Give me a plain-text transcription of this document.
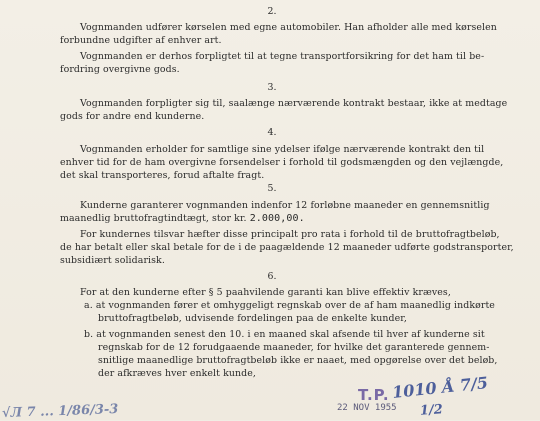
2.
Vognmanden udfører kørselen med egne automobiler. Han afholder alle med kørselen
forbundne udgifter af enhver art.
Vognmanden er derhos forpligtet til at tegne transportforsikring for det ham til be-
fordring overgivne gods.
3.
Vognmanden forpligter sig til, saalænge nærværende kontrakt bestaar, ikke at medtage
gods for andre end kunderne.
4.
Vognmanden erholder for samtlige sine ydelser ifølge nærværende kontrakt den til
enhver tid for de ham overgivne forsendelser i forhold til godsmængden og den vejlængde,
det skal transporteres, forud aftalte fragt.
5.
Kunderne garanterer vognmanden indenfor 12 forløbne maaneder en gennemsnitlig
maanedlig bruttofragtindtægt, stor kr. 2.000,00.
For kundernes tilsvar hæfter disse principalt pro rata i forhold til de bruttofragtbeløb,
de har betalt eller skal betale for de i de paagældende 12 maaneder udførte godstransporter,
subsidiært solidarisk.
6.
For at den kunderne efter § 5 paahvilende garanti kan blive effektiv kræves,
a. at vognmanden fører et omhyggeligt regnskab over de af ham maanedlig indkørte
bruttofragtbeløb, udvisende fordelingen paa de enkelte kunder,
b. at vognmanden senest den 10. i en maaned skal afsende til hver af kunderne sit
regnskab for de 12 forudgaaende maaneder, for hvilke det garanterede gennem-
snitlige maanedlige bruttofragtbeløb ikke er naaet, med opgørelse over det beløb,
der afkræves hver enkelt kunde,
T.P.
22 NOV 1955
1010 Å 7/5
1/2
√Л 7 ... 1/86/3-3
